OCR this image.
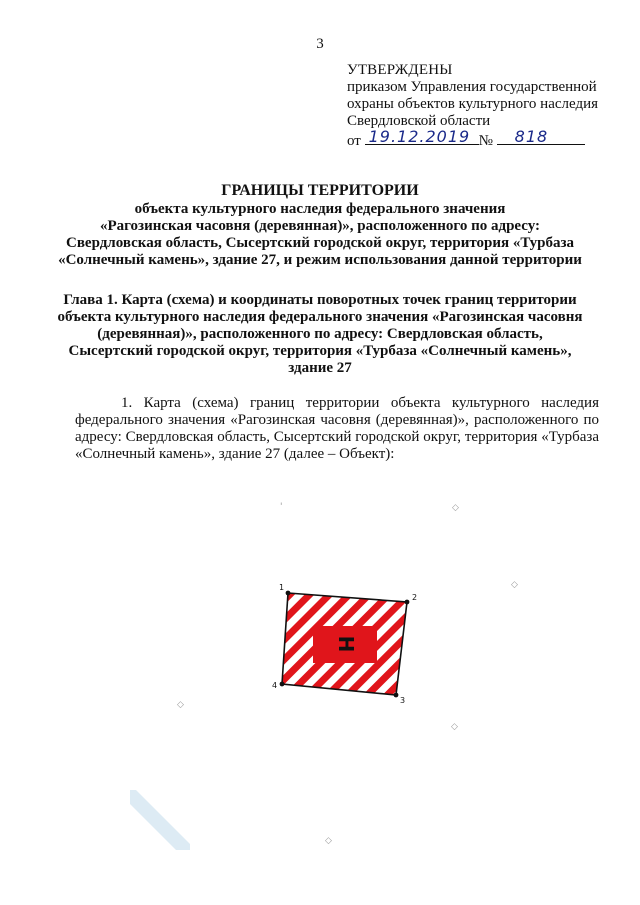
3
УТВЕРЖДЕНЫ
приказом Управления государственной
охраны объектов культурного наследия
Свердловской области
от 19.12.2019 № 818
ГРАНИЦЫ ТЕРРИТОРИИ
объекта культурного наследия федерального значения
«Рагозинская часовня (деревянная)», расположенного по адресу:
Свердловская область, Сысертский городской округ, территория «Турбаза
«Солнечный камень», здание 27, и режим использования данной территории
Глава 1. Карта (схема) и координаты поворотных точек границ территории
объекта культурного наследия федерального значения «Рагозинская часовня
(деревянная)», расположенного по адресу: Свердловская область,
Сысертский городской округ, территория «Турбаза «Солнечный камень»,
здание 27
1. Карта (схема) границ территории объекта культурного наследия федерального значения «Рагозинская часовня (деревянная)», расположенного по адресу: Свердловская область, Сысертский городской округ, территория «Турбаза «Солнечный камень», здание 27 (далее – Объект):
Н
1
2
3
4
◇
◇
◇
◇
◇
'
